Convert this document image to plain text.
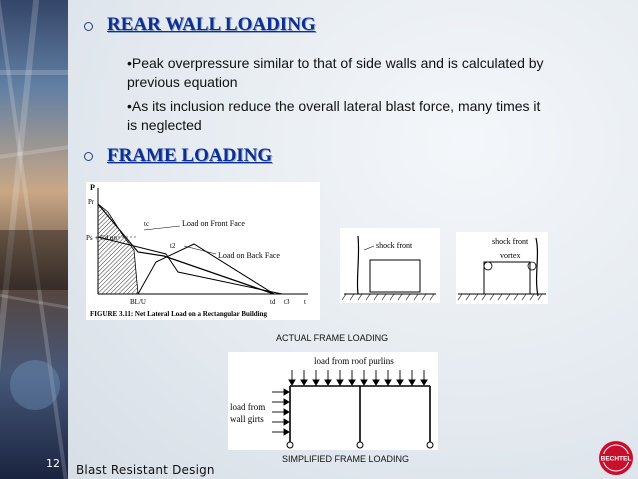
12 Blast Resistant Design
REAR WALL LOADING
•Peak overpressure similar to that of side walls and is calculated by
previous equation
•As its inclusion reduce the overall lateral blast force, many times it
is neglected
FRAME LOADING
P
Pr
Ps + Cd qo
tc
t2
Load on Front Face
Load on Back Face
BL/U	td t3 t
FIGURE 3.11: Net Lateral Load on a Rectangular Building
shock front	shock front
vortex
ACTUAL FRAME LOADING
load from roof purlins
load from
wall girts
SIMPLIFIED FRAME LOADING	BECHTEL
